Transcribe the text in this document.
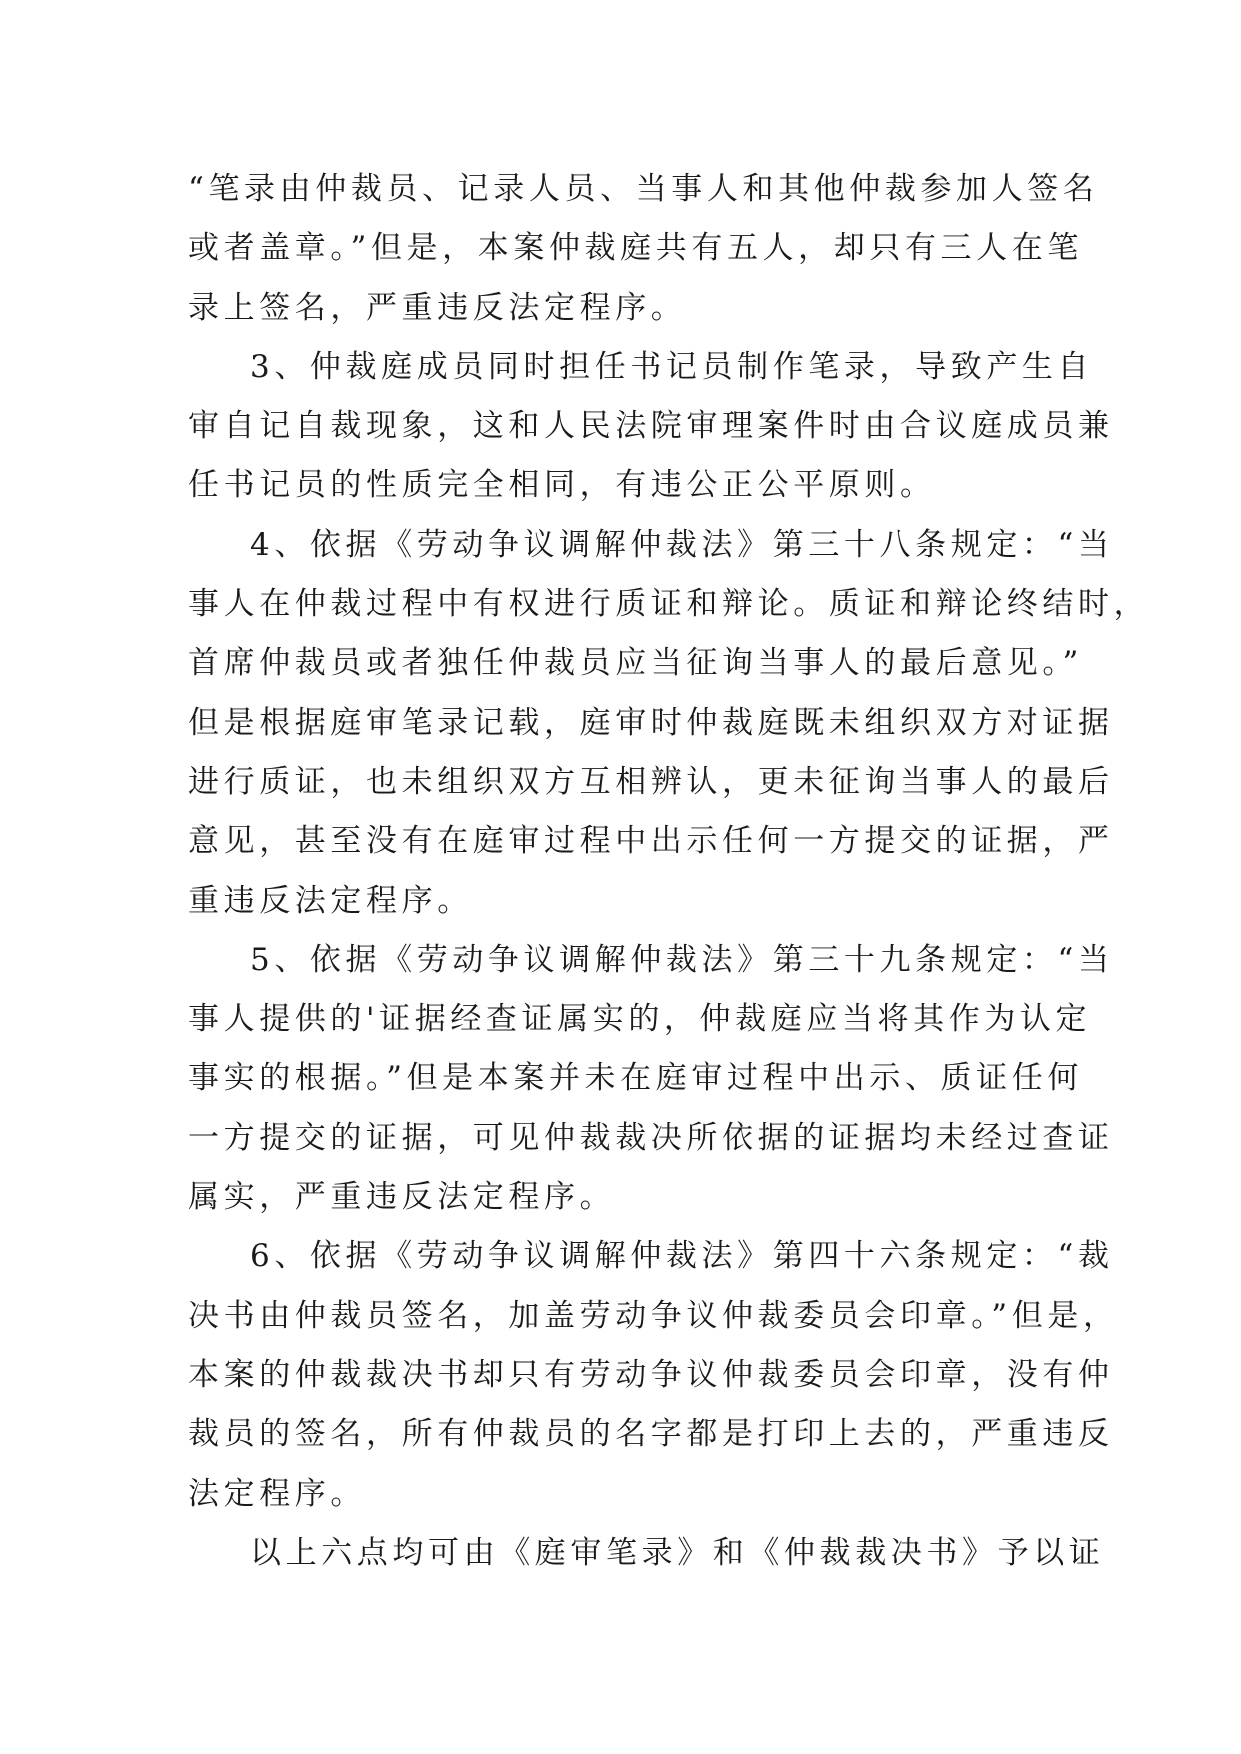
“笔录由仲裁员、记录人员、当事人和其他仲裁参加人签名
或者盖章。”但是，本案仲裁庭共有五人，却只有三人在笔
录上签名，严重违反法定程序。
3、仲裁庭成员同时担任书记员制作笔录，导致产生自
审自记自裁现象，这和人民法院审理案件时由合议庭成员兼
任书记员的性质完全相同，有违公正公平原则。
4、依据《劳动争议调解仲裁法》第三十八条规定：“当
事人在仲裁过程中有权进行质证和辩论。质证和辩论终结时，
首席仲裁员或者独任仲裁员应当征询当事人的最后意见。”
但是根据庭审笔录记载，庭审时仲裁庭既未组织双方对证据
进行质证，也未组织双方互相辨认，更未征询当事人的最后
意见，甚至没有在庭审过程中出示任何一方提交的证据，严
重违反法定程序。
5、依据《劳动争议调解仲裁法》第三十九条规定：“当
事人提供的'证据经查证属实的，仲裁庭应当将其作为认定
事实的根据。”但是本案并未在庭审过程中出示、质证任何
一方提交的证据，可见仲裁裁决所依据的证据均未经过查证
属实，严重违反法定程序。
6、依据《劳动争议调解仲裁法》第四十六条规定：“裁
决书由仲裁员签名，加盖劳动争议仲裁委员会印章。”但是，
本案的仲裁裁决书却只有劳动争议仲裁委员会印章，没有仲
裁员的签名，所有仲裁员的名字都是打印上去的，严重违反
法定程序。
以上六点均可由《庭审笔录》和《仲裁裁决书》予以证
